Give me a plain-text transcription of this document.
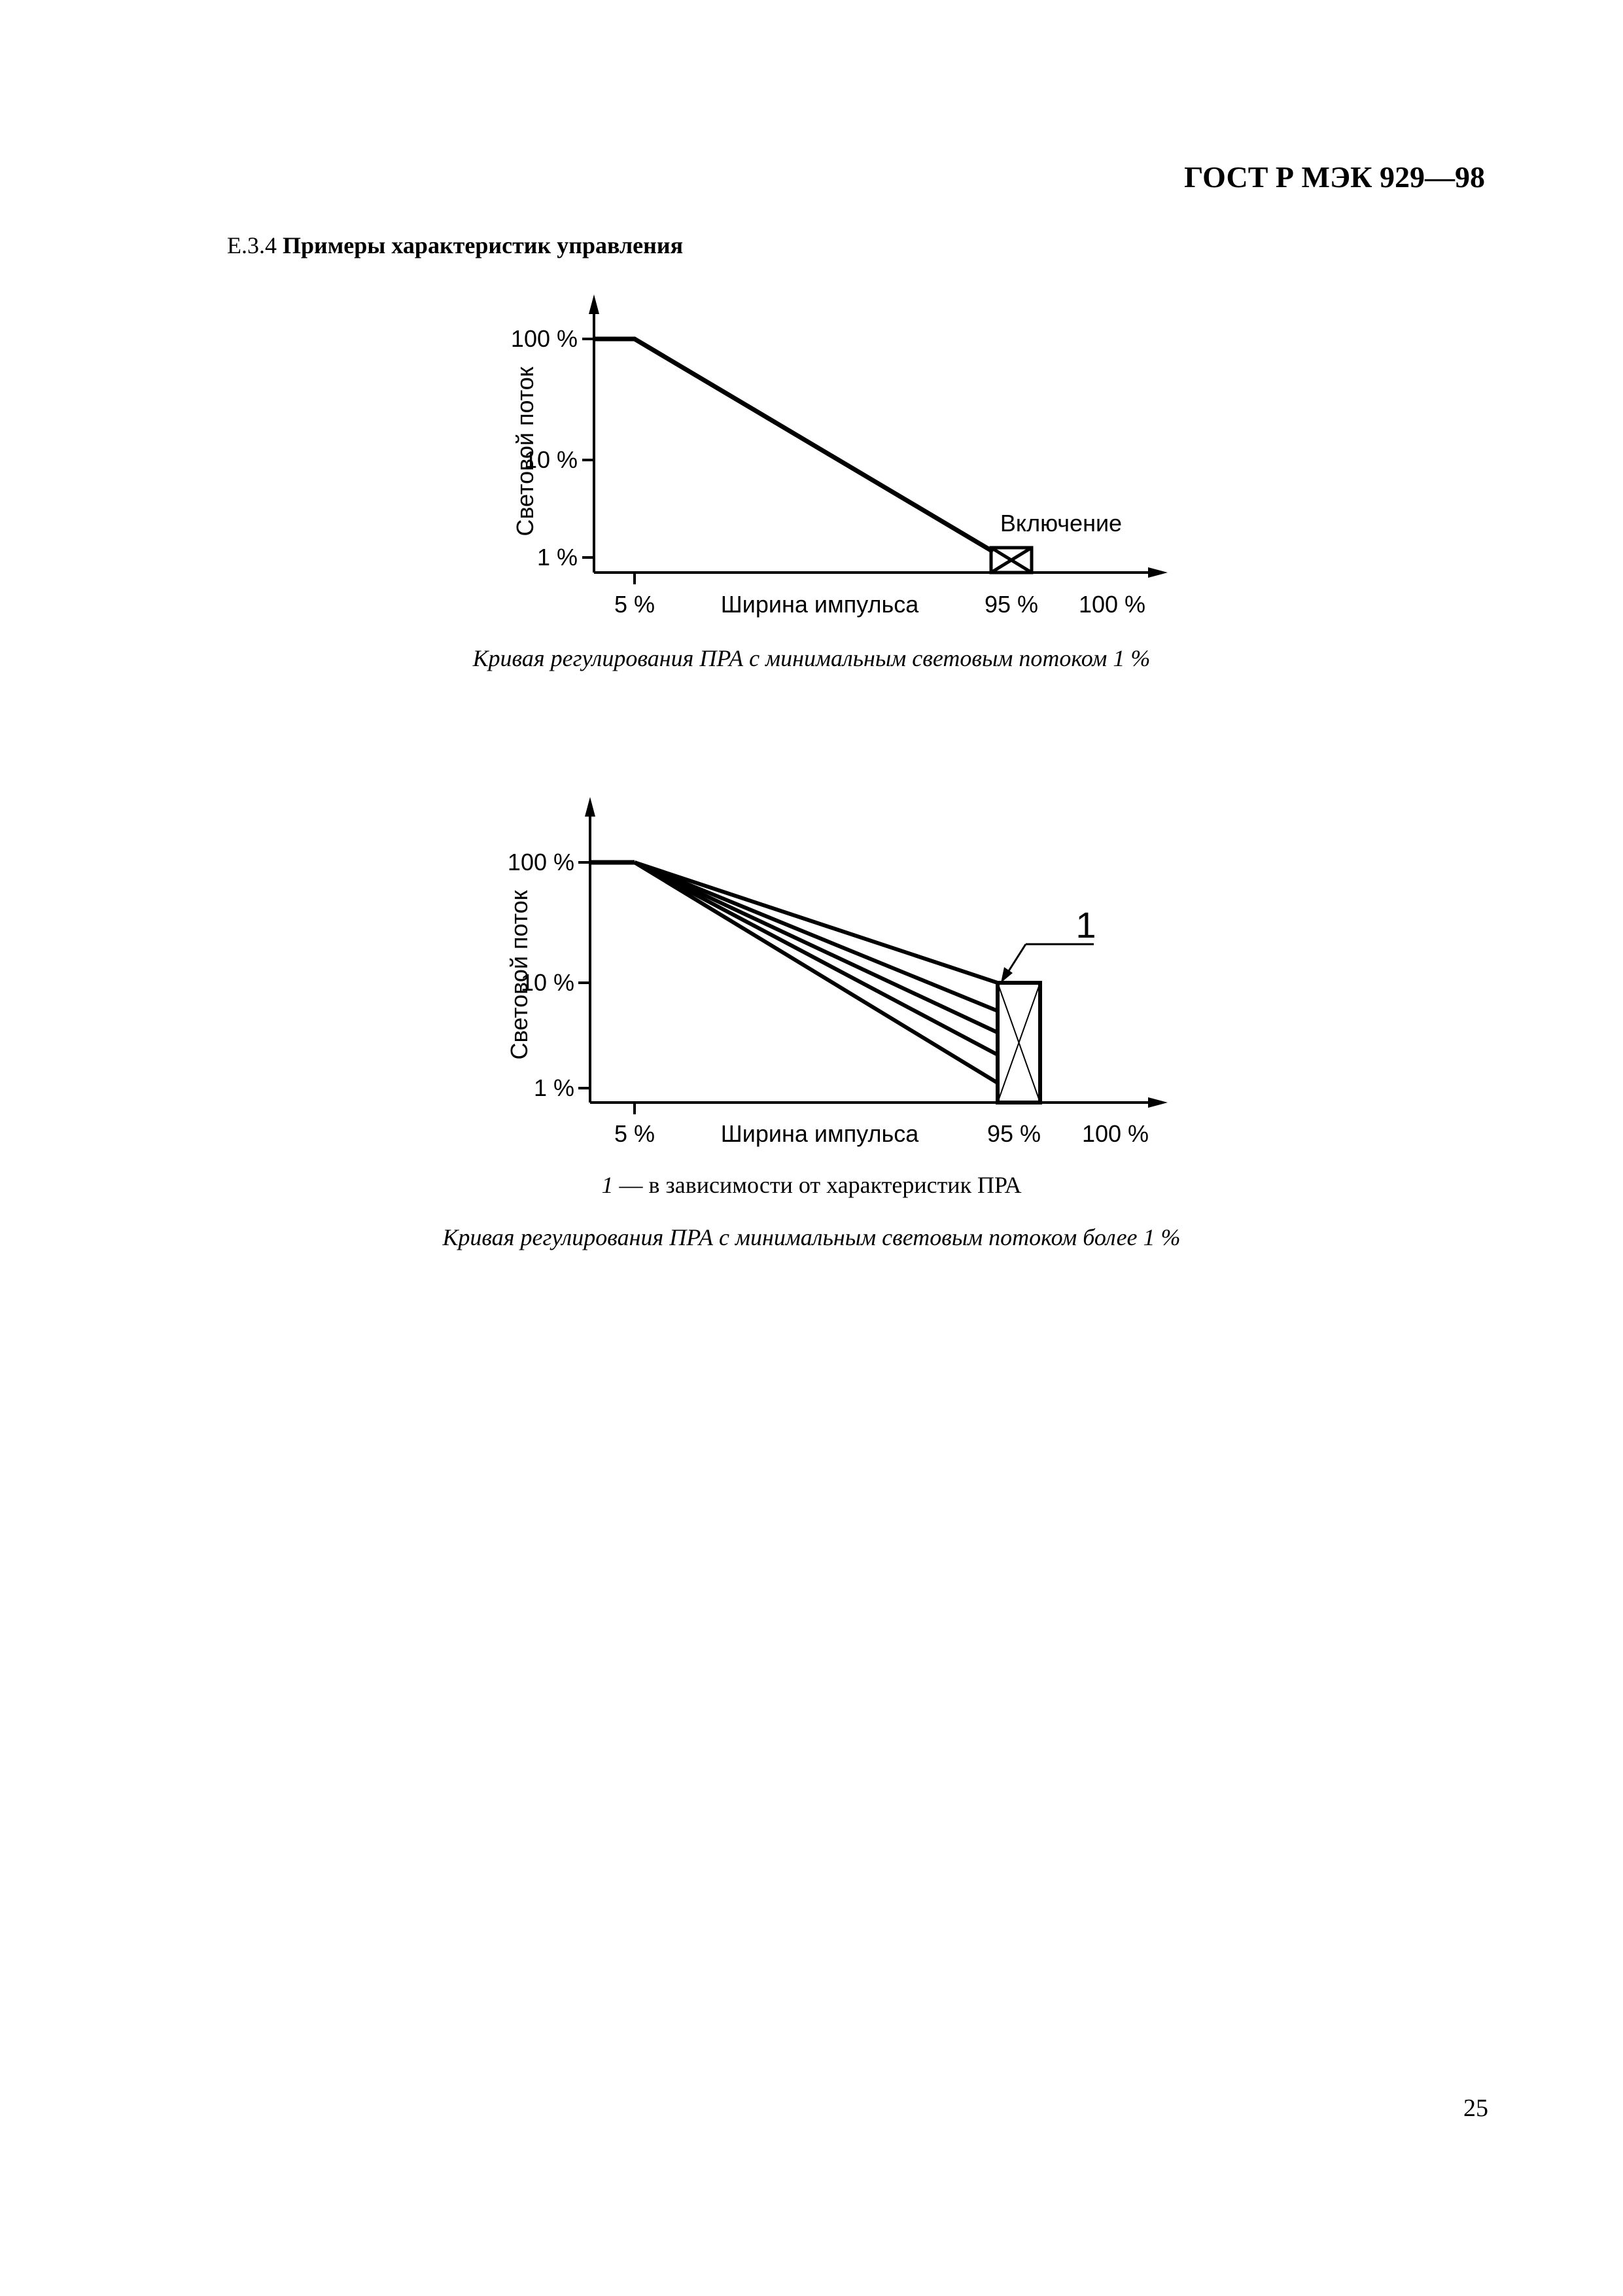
ГОСТ Р МЭК 929—98
E.3.4 Примеры характеристик управления
Световой поток
100 %
10 %
1 %
5 %	Ширина импульса	95 % 100 %
Включение
Кривая регулирования ПРА с минимальным световым потоком 1 %
1
Световой поток
100 %
10 %
1 %
5 %	Ширина импульса	95 % 100 %
1 — в зависимости от характеристик ПРА
Кривая регулирования ПРА с минимальным световым потоком более 1 %
25
